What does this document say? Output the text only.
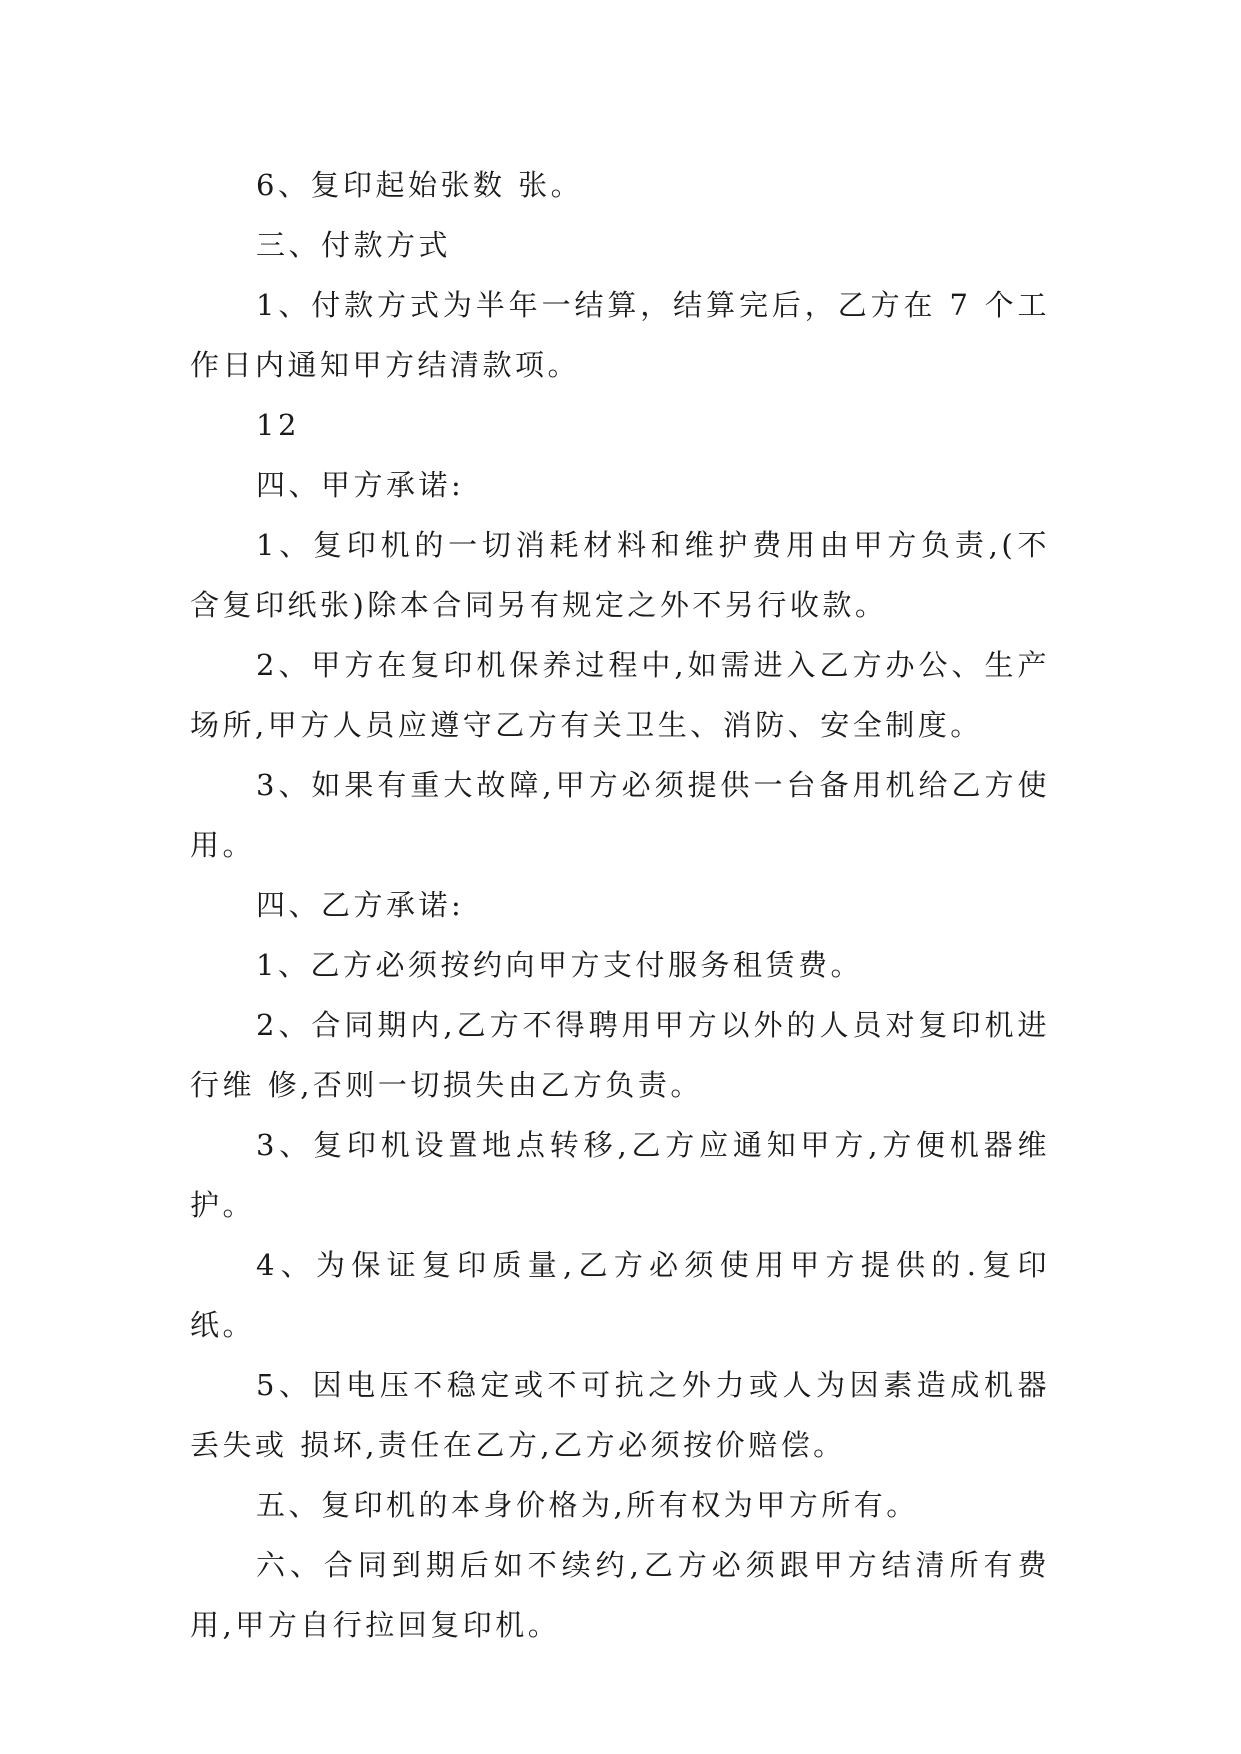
6、复印起始张数 张。

三、付款方式

1、付款方式为半年一结算，结算完后，乙方在 7 个工作日内通知甲方结清款项。

12

四、甲方承诺:

1、复印机的一切消耗材料和维护费用由甲方负责,(不含复印纸张)除本合同另有规定之外不另行收款。

2、甲方在复印机保养过程中,如需进入乙方办公、生产场所,甲方人员应遵守乙方有关卫生、消防、安全制度。

3、如果有重大故障,甲方必须提供一台备用机给乙方使用。

四、乙方承诺:

1、乙方必须按约向甲方支付服务租赁费。

2、合同期内,乙方不得聘用甲方以外的人员对复印机进行维 修,否则一切损失由乙方负责。

3、复印机设置地点转移,乙方应通知甲方,方便机器维护。

4、为保证复印质量,乙方必须使用甲方提供的.复印纸。

5、因电压不稳定或不可抗之外力或人为因素造成机器丢失或 损坏,责任在乙方,乙方必须按价赔偿。

五、复印机的本身价格为,所有权为甲方所有。

六、合同到期后如不续约,乙方必须跟甲方结清所有费用,甲方自行拉回复印机。
